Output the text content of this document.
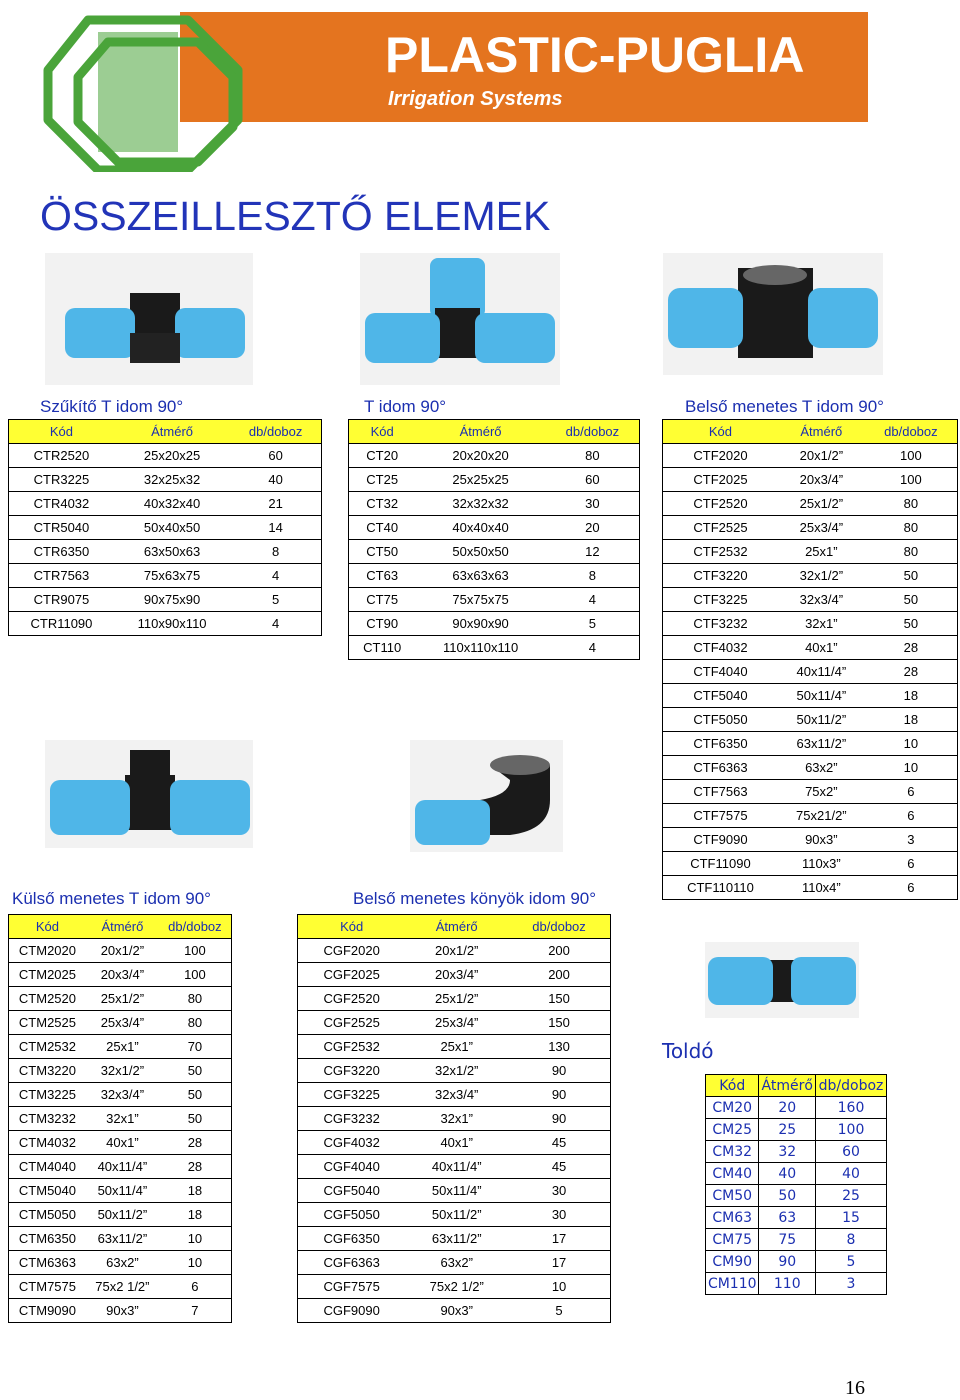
PLASTIC-PUGLIA
Irrigation Systems
ÖSSZEILLESZTŐ ELEMEK
Szűkítő T idom 90°	T idom 90°	Belső menetes T idom 90°
Kód	Átmérő	db/doboz
CTR2520	25x20x25	60
CTR3225	32x25x32	40
CTR4032	40x32x40	21
CTR5040	50x40x50	14
CTR6350	63x50x63	8
CTR7563	75x63x75	4
CTR9075	90x75x90	5
CTR11090	110x90x110	4
Kód	Átmérő	db/doboz
CT20	20x20x20	80
CT25	25x25x25	60
CT32	32x32x32	30
CT40	40x40x40	20
CT50	50x50x50	12
CT63	63x63x63	8
CT75	75x75x75	4
CT90	90x90x90	5
CT110	110x110x110	4
Kód	Átmérő	db/doboz
CTF2020	20x1/2”	100
CTF2025	20x3/4”	100
CTF2520	25x1/2”	80
CTF2525	25x3/4”	80
CTF2532	25x1”	80
CTF3220	32x1/2”	50
CTF3225	32x3/4”	50
CTF3232	32x1”	50
CTF4032	40x1”	28
CTF4040	40x11/4”	28
CTF5040	50x11/4”	18
CTF5050	50x11/2”	18
CTF6350	63x11/2”	10
CTF6363	63x2”	10
CTF7563	75x2”	6
CTF7575	75x21/2”	6
CTF9090	90x3”	3
CTF11090	110x3”	6
CTF110110	110x4”	6
Külső menetes T idom 90°	Belső menetes könyök idom 90°
Kód	Átmérő	db/doboz
CTM2020	20x1/2”	100
CTM2025	20x3/4”	100
CTM2520	25x1/2”	80
CTM2525	25x3/4”	80
CTM2532	25x1”	70
CTM3220	32x1/2”	50
CTM3225	32x3/4”	50
CTM3232	32x1”	50
CTM4032	40x1”	28
CTM4040	40x11/4”	28
CTM5040	50x11/4”	18
CTM5050	50x11/2”	18
CTM6350	63x11/2”	10
CTM6363	63x2”	10
CTM7575	75x2 1/2”	6
CTM9090	90x3”	7
Kód	Átmérő	db/doboz
CGF2020	20x1/2”	200
CGF2025	20x3/4”	200
CGF2520	25x1/2”	150
CGF2525	25x3/4”	150
CGF2532	25x1”	130
CGF3220	32x1/2”	90
CGF3225	32x3/4”	90
CGF3232	32x1”	90
CGF4032	40x1”	45
CGF4040	40x11/4”	45
CGF5040	50x11/4”	30
CGF5050	50x11/2”	30
CGF6350	63x11/2”	17
CGF6363	63x2”	17
CGF7575	75x2 1/2”	10
CGF9090	90x3”	5
Toldó
Kód	Átmérő	db/doboz
CM20	20	160
CM25	25	100
CM32	32	60
CM40	40	40
CM50	50	25
CM63	63	15
CM75	75	8
CM90	90	5
CM110	110	3
16
